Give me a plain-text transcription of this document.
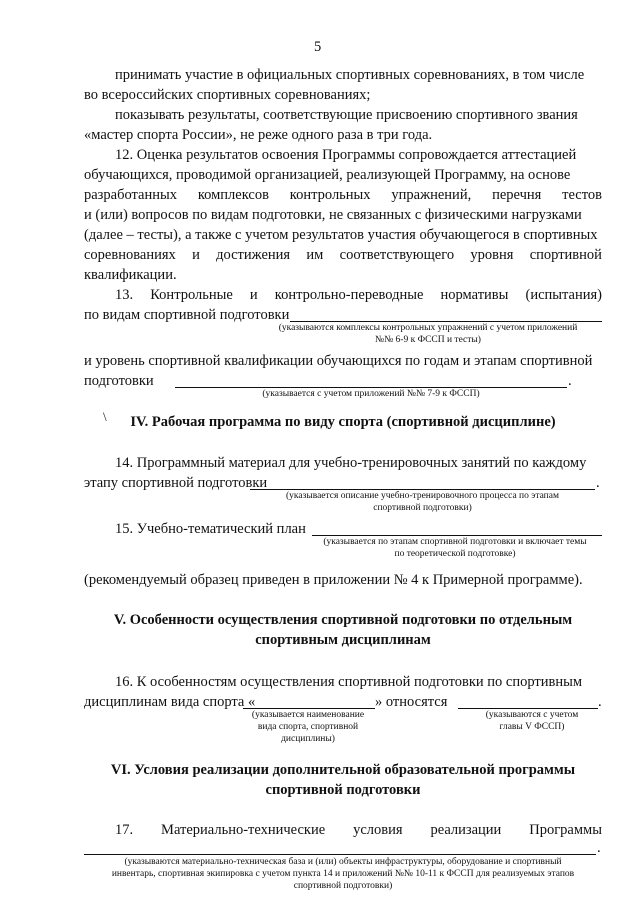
5
принимать участие в официальных спортивных соревнованиях, в том числе
во всероссийских спортивных соревнованиях;
показывать результаты, соответствующие присвоению спортивного звания
«мастер спорта России», не реже одного раза в три года.
12. Оценка результатов освоения Программы сопровождается аттестацией
обучающихся, проводимой организацией, реализующей Программу, на основе
разработанных комплексов контрольных упражнений, перечня тестов
и (или) вопросов по видам подготовки, не связанных с физическими нагрузками
(далее – тесты), а также с учетом результатов участия обучающегося в спортивных
соревнованиях и достижения им соответствующего уровня спортивной
квалификации.
13. Контрольные и контрольно-переводные нормативы (испытания)
по видам спортивной подготовки
(указываются комплексы контрольных упражнений с учетом приложений
№№ 6-9 к ФССП и тесты)
и уровень спортивной квалификации обучающихся по годам и этапам спортивной
подготовки	.
(указывается с учетом приложений №№ 7-9 к ФССП)
\	IV. Рабочая программа по виду спорта (спортивной дисциплине)
14. Программный материал для учебно-тренировочных занятий по каждому
этапу спортивной подготовки	.
(указывается описание учебно-тренировочного процесса по этапам
спортивной подготовки)
15. Учебно-тематический план
(указывается по этапам спортивной подготовки и включает темы
по теоретической подготовке)
(рекомендуемый образец приведен в приложении № 4 к Примерной программе).
V. Особенности осуществления спортивной подготовки по отдельным
спортивным дисциплинам
16. К особенностям осуществления спортивной подготовки по спортивным
дисциплинам вида спорта «	» относятся	.
(указывается наименование
вида спорта, спортивной
дисциплины)
(указываются с учетом
главы V ФССП)
VI. Условия реализации дополнительной образовательной программы
спортивной подготовки
17. Материально-технические условия реализации Программы
.
(указываются материально-техническая база и (или) объекты инфраструктуры, оборудование и спортивный
инвентарь, спортивная экипировка с учетом пункта 14 и приложений №№ 10-11 к ФССП для реализуемых этапов
спортивной подготовки)
